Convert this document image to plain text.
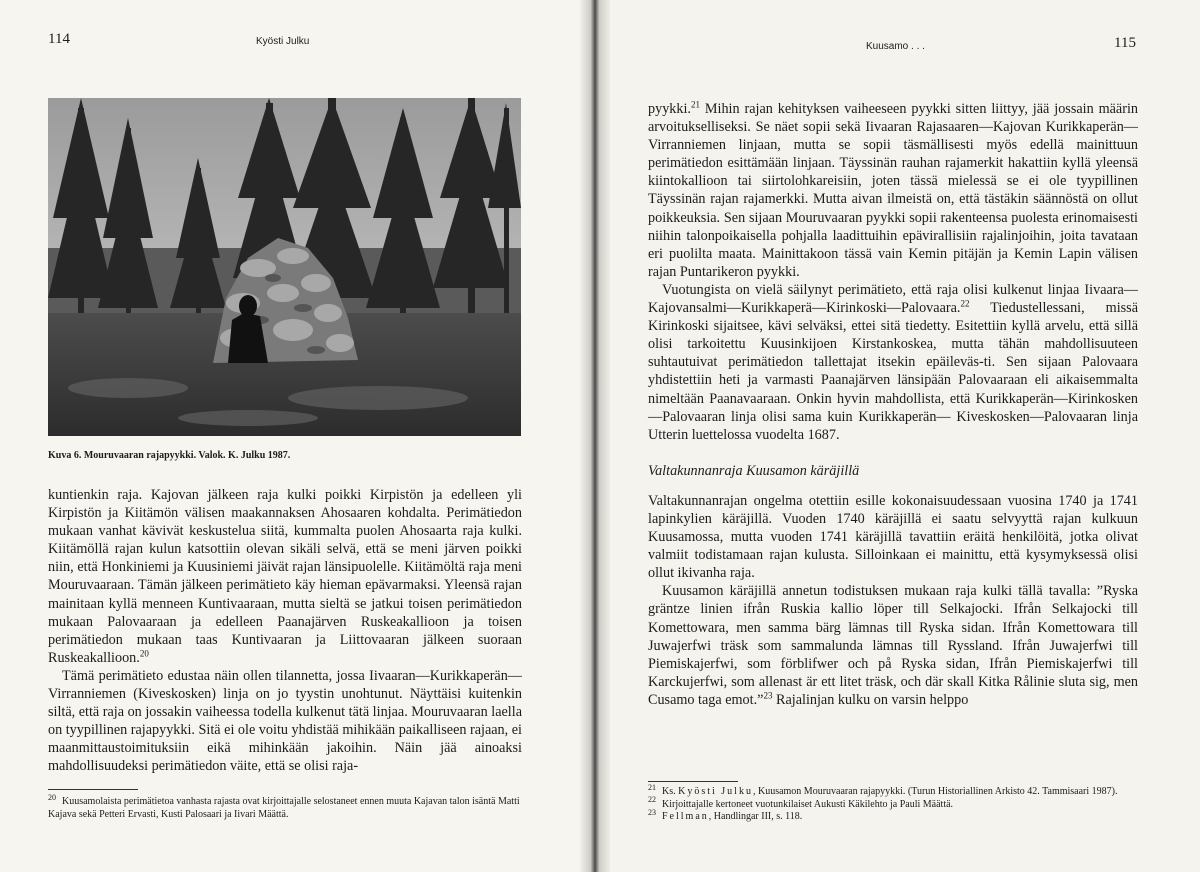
114	Kyösti Julku
Kuva 6. Mouruvaaran rajapyykki. Valok. K. Julku 1987.

kuntienkin raja. Kajovan jälkeen raja kulki poikki Kirpistön ja edelleen yli Kirpistön ja Kiitämön välisen maakannaksen Ahosaaren kohdalta. Perimätiedon mukaan vanhat kävivät keskustelua siitä, kummalta puolen Ahosaarta raja kulki. Kiitämöllä rajan kulun katsottiin olevan sikäli selvä, että se meni järven poikki niin, että Honkiniemi ja Kuusiniemi jäivät rajan länsipuolelle. Kiitämöltä raja meni Mouruvaaraan. Tämän jälkeen perimätieto käy hieman epävarmaksi. Yleensä rajan mainitaan kyllä menneen Kuntivaaraan, mutta sieltä se jatkui toisen perimätiedon mukaan Palovaaraan ja edelleen Paanajärven Ruskeakallioon ja toisen perimätiedon mukaan taas Kuntivaaran ja Liittovaaran jälkeen suoraan Ruskeakallioon.$^{20}$

Tämä perimätieto edustaa näin ollen tilannetta, jossa Iivaaran—Kurikkaperän—Virranniemen (Kiveskosken) linja on jo tyystin unohtunut. Näyttäisi kuitenkin siltä, että raja on jossakin vaiheessa todella kulkenut tätä linjaa. Mouruvaaran laella on tyypillinen rajapyykki. Sitä ei ole voitu yhdistää mihikään paikalliseen rajaan, ei maanmittaustoimituksiin eikä mihinkään jakoihin. Näin jää ainoaksi mahdollisuudeksi perimätiedon väite, että se olisi raja-

20 Kuusamolaista perimätietoa vanhasta rajasta ovat kirjoittajalle selostaneet ennen muuta Kajavan talon isäntä Matti Kajava sekä Petteri Ervasti, Kusti Palosaari ja Iivari Määttä.

Kuusamo . . .	115

pyykki.$^{21}$ Mihin rajan kehityksen vaiheeseen pyykki sitten liittyy, jää jossain määrin arvoitukselliseksi. Se näet sopii sekä Iivaaran Rajasaaren—Kajovan Kurikkaperän—Virranniemen linjaan, mutta se sopii täsmällisesti myös edellä mainittuun perimätiedon esittämään linjaan. Täyssinän rauhan rajamerkit hakattiin kyllä yleensä kiintokallioon tai siirtolohkareisiin, joten tässä mielessä se ei ole tyypillinen Täyssinän rajan rajamerkki. Mutta aivan ilmeistä on, että tästäkin säännöstä on ollut poikkeuksia. Sen sijaan Mouruvaaran pyykki sopii rakenteensa puolesta erinomaisesti niihin talonpoikaisella pohjalla laadittuihin epävirallisiin rajalinjoihin, joita tavataan eri puolilta maata. Mainittakoon tässä vain Kemin pitäjän ja Kemin Lapin välisen rajan Puntarikeron pyykki.

Vuotungista on vielä säilynyt perimätieto, että raja olisi kulkenut linjaa Iivaara—Kajovansalmi—Kurikkaperä—Kirinkoski—Palovaara.$^{22}$ Tiedustellessani, missä Kirinkoski sijaitsee, kävi selväksi, ettei sitä tiedetty. Esitettiin kyllä arvelu, että sillä olisi tarkoitettu Kuusinkijoen Kirstankoskea, mutta tähän mahdollisuuteen suhtautuivat perimätiedon tallettajat itsekin epäileväs-ti. Sen sijaan Palovaara yhdistettiin heti ja varmasti Paanajärven länsipään Palovaaraan eli aikaisemmalta nimeltään Paanavaaraan. Onkin hyvin mahdollista, että Kurikkaperän—Kirinkosken—Palovaaran linja olisi sama kuin Kurikkaperän— Kiveskosken—Palovaaran linja Utterin luettelossa vuodelta 1687.

Valtakunnanraja Kuusamon käräjillä

Valtakunnanrajan ongelma otettiin esille kokonaisuudessaan vuosina 1740 ja 1741 lapinkylien käräjillä. Vuoden 1740 käräjillä ei saatu selvyyttä rajan kulkuun Kuusamossa, mutta vuoden 1741 käräjillä tavattiin eräitä henkilöitä, jotka olivat valmiit todistamaan rajan kulusta. Silloinkaan ei mainittu, että kysymyksessä olisi ollut ikivanha raja.

Kuusamon käräjillä annetun todistuksen mukaan raja kulki tällä tavalla: ”Ryska gräntze linien ifrån Ruskia kallio löper till Selkajocki. Ifrån Selkajocki till Komettowara, men samma bärg lämnas till Ryska sidan. Ifrån Komettowara till Juwajerfwi träsk som sammalunda lämnas till Ryssland. Ifrån Juwajerfwi till Piemiskajerfwi, som förblifwer och på Ryska sidan, Ifrån Piemiskajerfwi till Karckujerfwi, som allenast är ett litet träsk, och där skall Kitka Rålinie sluta sig, men Cusamo taga emot.”$^{23}$ Rajalinjan kulku on varsin helppo

21 Ks. Kyösti Julku, Kuusamon Mouruvaaran rajapyykki. (Turun Historiallinen Arkisto 42. Tammisaari 1987).

22 Kirjoittajalle kertoneet vuotunkilaiset Aukusti Käkilehto ja Pauli Määttä.

23 Fellman, Handlingar III, s. 118.
